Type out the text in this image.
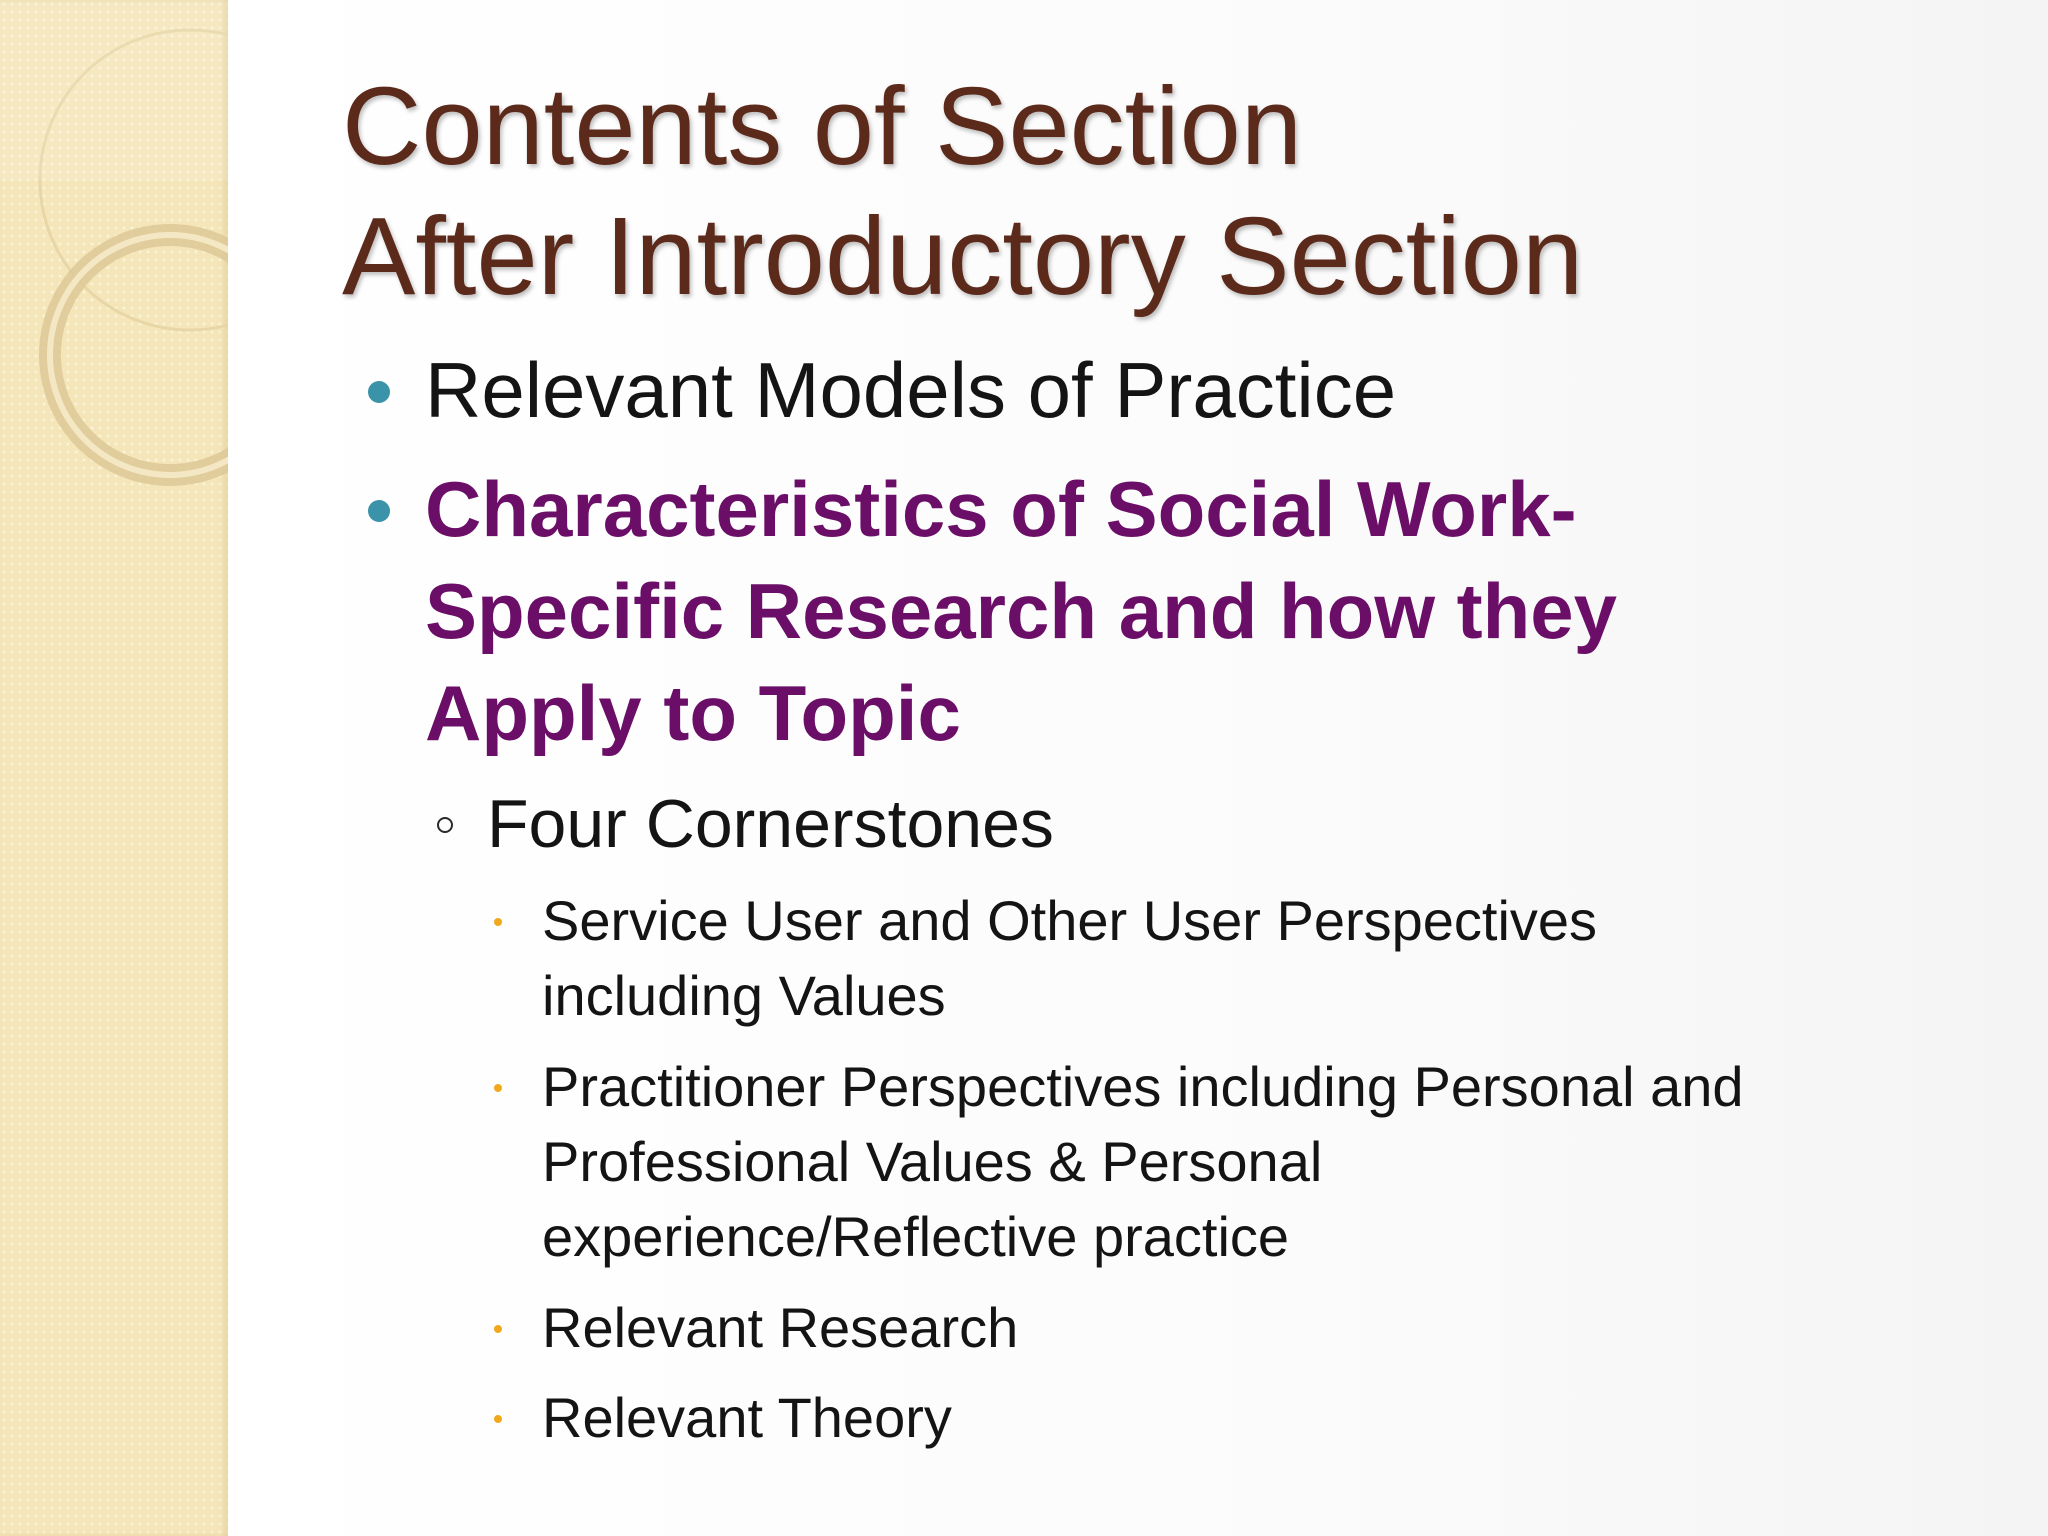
Contents of Section
After Introductory Section
Relevant Models of Practice
Characteristics of Social Work-
Specific Research and how they
Apply to Topic
Four Cornerstones
Service User and Other User Perspectives
including Values
Practitioner Perspectives including Personal and
Professional Values & Personal
experience/Reflective practice
Relevant Research
Relevant Theory
